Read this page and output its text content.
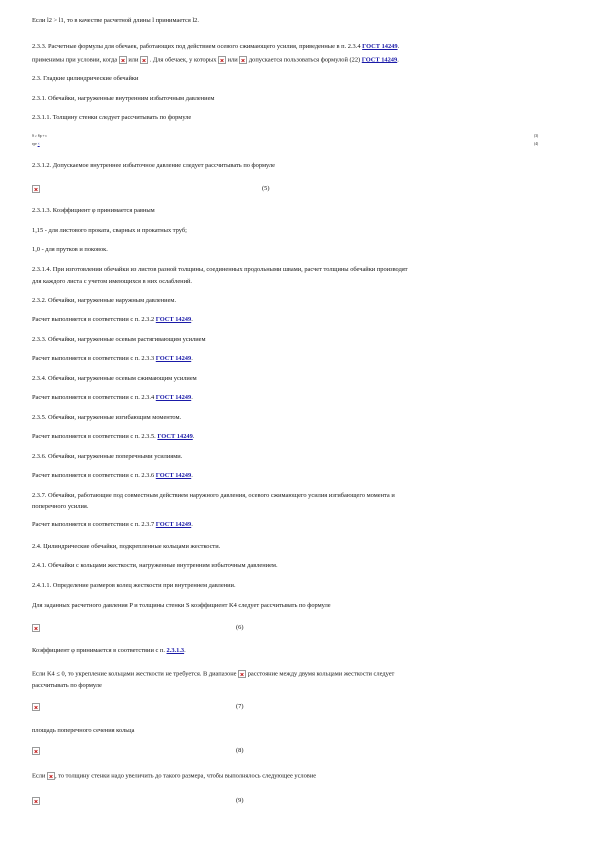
Если l2 > l1, то в качестве расчетной длины l принимается l2.
2.3.3. Расчетные формулы для обечаек, работающих под действием осевого сжимающего усилия, приведенные в п. 2.3.4 ГОСТ 14249.
применимы при условии, когда или . Для обечаек, у которых или допускается пользоваться формулой (22) ГОСТ 14249.
2.3. Гладкие цилиндрические обечайки
2.3.1. Обечайки, нагруженные внутренним избыточным давлением
2.3.1.1. Толщину стенки следует рассчитывать по формуле
S ≥ Sp + c
где ×
(3)
(4)
2.3.1.2. Допускаемое внутреннее избыточное давление следует рассчитывать по формуле
(5)
2.3.1.3. Коэффициент φ принимается равным
1,15 - для листового проката, сварных и прокатных труб;
1,0 - для прутков и поковок.
2.3.1.4. При изготовлении обечайки из листов разной толщины, соединенных продольными швами, расчет толщины обечайки производят
для каждого листа с учетом имеющихся в них ослаблений.
2.3.2. Обечайки, нагруженные наружным давлением.
Расчет выполняется в соответствии с п. 2.3.2 ГОСТ 14249.
2.3.3. Обечайки, нагруженные осевым растягивающим усилием
Расчет выполняется в соответствии с п. 2.3.3 ГОСТ 14249.
2.3.4. Обечайки, нагруженные осевым сжимающим усилием
Расчет выполняется в соответствии с п. 2.3.4 ГОСТ 14249.
2.3.5. Обечайки, нагруженные изгибающим моментом.
Расчет выполняется в соответствии с п. 2.3.5. ГОСТ 14249.
2.3.6. Обечайки, нагруженные поперечными усилиями.
Расчет выполняется в соответствии с п. 2.3.6 ГОСТ 14249.
2.3.7. Обечайки, работающие под совместным действием наружного давления, осевого сжимающего усилия изгибающего момента и
поперечного усилия.
Расчет выполняется в соответствии с п. 2.3.7 ГОСТ 14249.
2.4. Цилиндрические обечайки, подкрепленные кольцами жесткости.
2.4.1. Обечайки с кольцами жесткости, нагруженные внутренним избыточным давлением.
2.4.1.1. Определение размеров колец жесткости при внутреннем давлении.
Для заданных расчетного давления P и толщины стенки S коэффициент K4 следует рассчитывать по формуле
(6)
Коэффициент φ принимается в соответствии с п. 2.3.1.3.
Если K4 ≤ 0, то укрепление кольцами жесткости не требуется. В диапазоне расстояние между двумя кольцами жесткости следует
рассчитывать по формуле
(7)
площадь поперечного сечения кольца
(8)
Если , то толщину стенки надо увеличить до такого размера, чтобы выполнялось следующее условие
(9)
